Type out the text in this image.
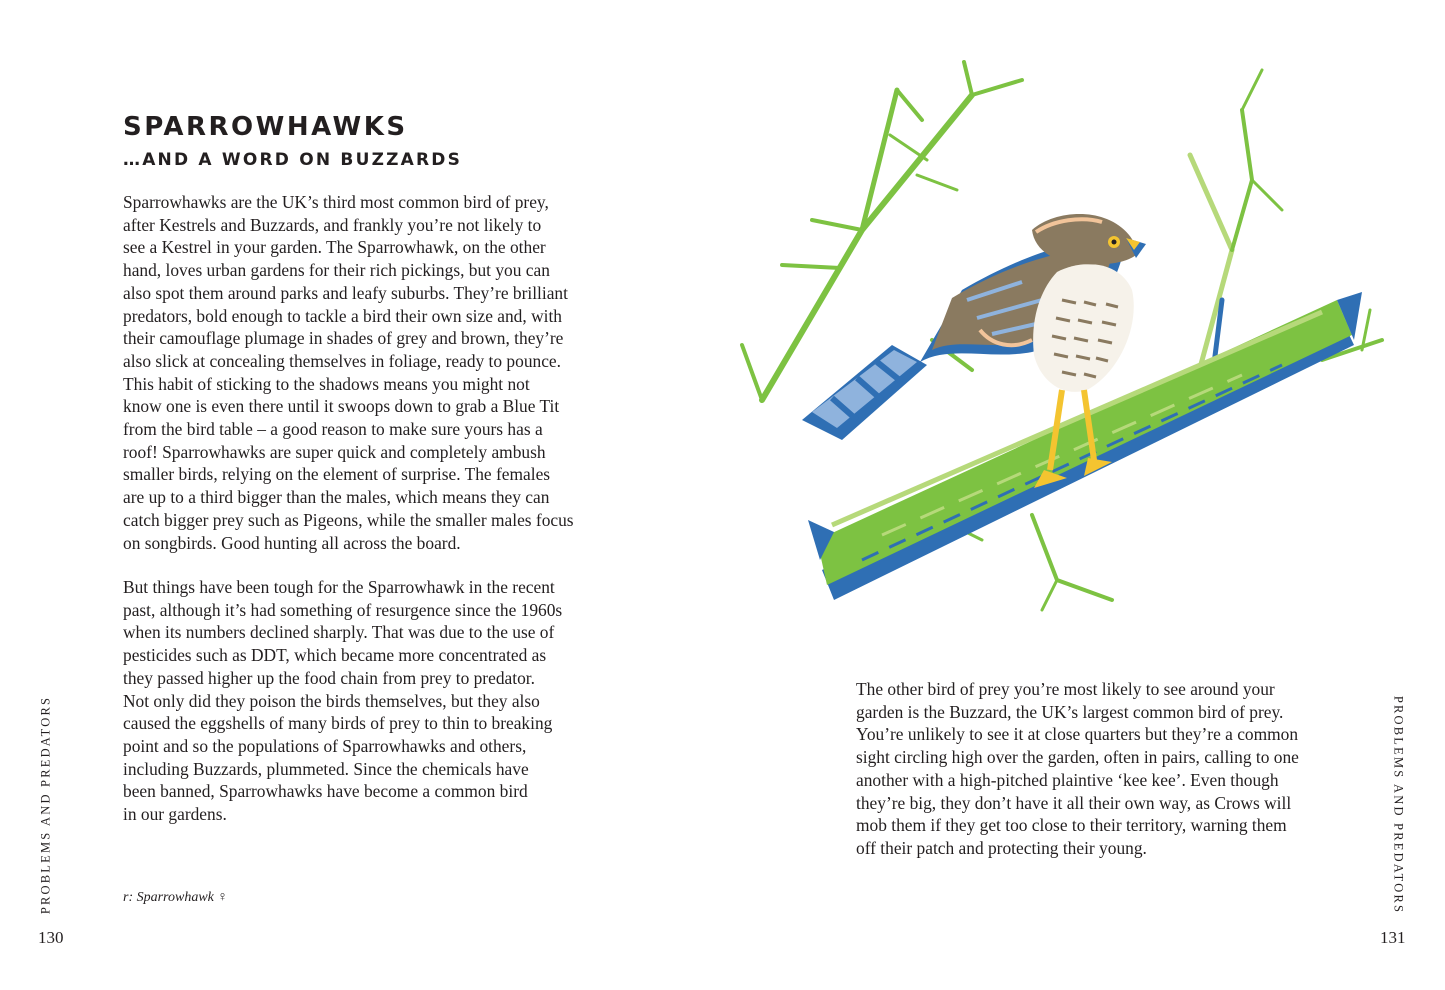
SPARROWHAWKS
…AND A WORD ON BUZZARDS

Sparrowhawks are the UK’s third most common bird of prey,

after Kestrels and Buzzards, and frankly you’re not likely to

see a Kestrel in your garden. The Sparrowhawk, on the other

hand, loves urban gardens for their rich pickings, but you can

also spot them around parks and leafy suburbs. They’re brilliant

predators, bold enough to tackle a bird their own size and, with

their camouflage plumage in shades of grey and brown, they’re

also slick at concealing themselves in foliage, ready to pounce.

This habit of sticking to the shadows means you might not

know one is even there until it swoops down to grab a Blue Tit

from the bird table – a good reason to make sure yours has a

roof! Sparrowhawks are super quick and completely ambush

smaller birds, relying on the element of surprise. The females

are up to a third bigger than the males, which means they can

catch bigger prey such as Pigeons, while the smaller males focus

on songbirds. Good hunting all across the board.

But things have been tough for the Sparrowhawk in the recent

past, although it’s had something of resurgence since the 1960s

when its numbers declined sharply. That was due to the use of

pesticides such as DDT, which became more concentrated as

they passed higher up the food chain from prey to predator.

Not only did they poison the birds themselves, but they also

caused the eggshells of many birds of prey to thin to breaking

point and so the populations of Sparrowhawks and others,

including Buzzards, plummeted. Since the chemicals have

been banned, Sparrowhawks have become a common bird

in our gardens.

r: Sparrowhawk ♀
PROBLEMS AND PREDATORS
130

The other bird of prey you’re most likely to see around your

garden is the Buzzard, the UK’s largest common bird of prey.

You’re unlikely to see it at close quarters but they’re a common

sight circling high over the garden, often in pairs, calling to one

another with a high-pitched plaintive ‘kee kee’. Even though

they’re big, they don’t have it all their own way, as Crows will

mob them if they get too close to their territory, warning them

off their patch and protecting their young.	PROBLEMS AND PREDATORS
131
